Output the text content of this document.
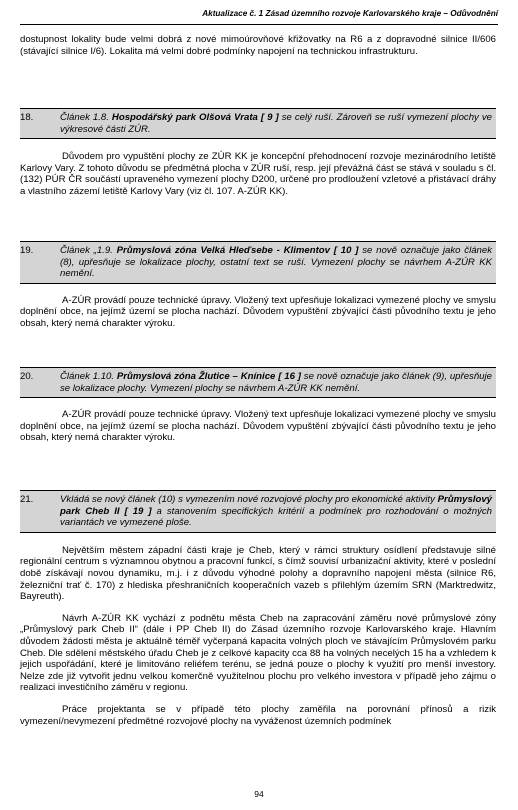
Aktualizace č. 1 Zásad územního rozvoje Karlovarského kraje – Odůvodnění

dostupnost lokality bude velmi dobrá z nové mimoúrovňové křižovatky na R6 a z dopravodné silnice II/606 (stávající silnice I/6). Lokalita má velmi dobré podmínky napojení na technickou infrastrukturu.

18.	Článek 1.8. Hospodářský park Olšová Vrata [ 9 ] se celý ruší. Zároveň se ruší vymezení plochy ve výkresové části ZÚR.

Důvodem pro vypuštění plochy ze ZÚR KK je koncepční přehodnocení rozvoje mezinárodního letiště Karlovy Vary. Z tohoto důvodu se předmětná plocha v ZÚR ruší, resp. její převážná část se stává v souladu s čl. (132) PÚR ČR součástí upraveného vymezení plochy D200, určené pro prodloužení vzletové a přistávací dráhy a vlastního zázemí letiště Karlovy Vary (viz čl. 107. A-ZÚR KK).

19.	Článek „1.9. Průmyslová zóna Velká Hleďsebe - Klimentov [ 10 ] se nově označuje jako článek (8), upřesňuje se lokalizace plochy, ostatní text se ruší. Vymezení plochy se návrhem A-ZÚR KK nemění.

A-ZÚR provádí pouze technické úpravy. Vložený text upřesňuje lokalizaci vymezené plochy ve smyslu doplnění obce, na jejímž území se plocha nachází. Důvodem vypuštění zbývající části původního textu je jeho obsah, který nemá charakter výroku.

20.	Článek 1.10. Průmyslová zóna Žlutice – Knínice [ 16 ] se nově označuje jako článek (9), upřesňuje se lokalizace plochy. Vymezení plochy se návrhem A-ZÚR KK nemění.

A-ZÚR provádí pouze technické úpravy. Vložený text upřesňuje lokalizaci vymezené plochy ve smyslu doplnění obce, na jejímž území se plocha nachází. Důvodem vypuštění zbývající části původního textu je jeho obsah, který nemá charakter výroku.

21.	Vkládá se nový článek (10) s vymezením nové rozvojové plochy pro ekonomické aktivity Průmyslový park Cheb II [ 19 ] a stanovením specifických kritérií a podmínek pro rozhodování o možných variantách ve vymezené ploše.

Největším městem západní části kraje je Cheb, který v rámci struktury osídlení představuje silné regionální centrum s významnou obytnou a pracovní funkcí, s čímž souvisí urbanizační aktivity, které v poslední době získávají novou dynamiku, m.j. i z důvodu výhodné polohy a dopravního napojení města (silnice R6, železniční trať č. 170) z hlediska přeshraničních kooperačních vazeb s přilehlým územím SRN (Marktredwitz, Bayreuth).

Návrh A-ZÚR KK vychází z podnětu města Cheb na zapracování záměru nové průmyslové zóny „Průmyslový park Cheb II“ (dále i PP Cheb II) do Zásad územního rozvoje Karlovarského kraje. Hlavním důvodem žádosti města je aktuálně téměř vyčerpaná kapacita volných ploch ve stávajícím Průmyslovém parku Cheb. Dle sdělení městského úřadu Cheb je z celkové kapacity cca 88 ha volných necelých 15 ha a vzhledem k jejich uspořádání, které je limitováno reliéfem terénu, se jedná pouze o plochy k využití pro menší investory. Nelze zde již vytvořit jednu velkou komerčně využitelnou plochu pro velkého investora v případě jeho zájmu o realizaci investičního záměru v regionu.

Práce projektanta se v případě této plochy zaměřila na porovnání přínosů a rizik vymezení/nevymezení předmětné rozvojové plochy na vyváženost územních podmínek

94
